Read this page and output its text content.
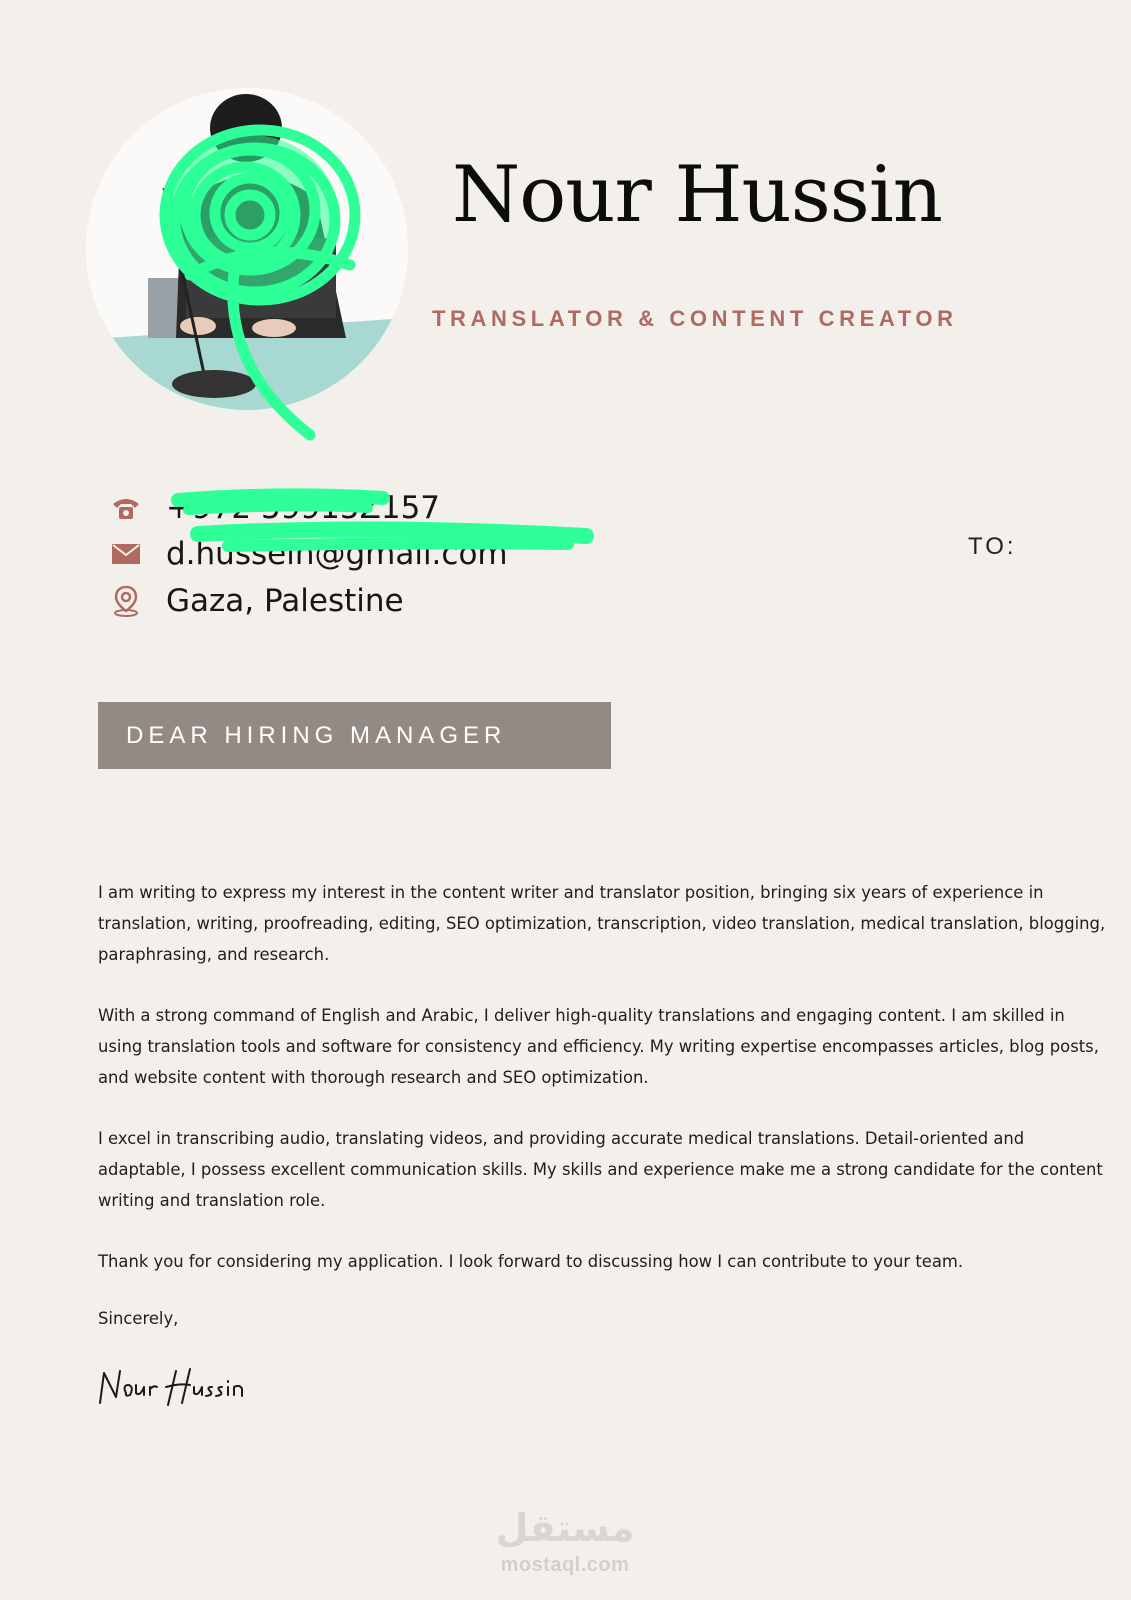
Nour Hussin
TRANSLATOR & CONTENT CREATOR
+972 59915Z157
d.hussein@gmail.com
Gaza, Palestine
TO:
DEAR HIRING MANAGER

I am writing to express my interest in the content writer and translator position, bringing six years of experience in translation, writing, proofreading, editing, SEO optimization, transcription, video translation, medical translation, blogging, paraphrasing, and research.

With a strong command of English and Arabic, I deliver high-quality translations and engaging content. I am skilled in using translation tools and software for consistency and efficiency. My writing expertise encompasses articles, blog posts, and website content with thorough research and SEO optimization.

I excel in transcribing audio, translating videos, and providing accurate medical translations. Detail-oriented and adaptable, I possess excellent communication skills. My skills and experience make me a strong candidate for the content writing and translation role.

Thank you for considering my application. I look forward to discussing how I can contribute to your team.

Sincerely,
مستقل
mostaql.com
